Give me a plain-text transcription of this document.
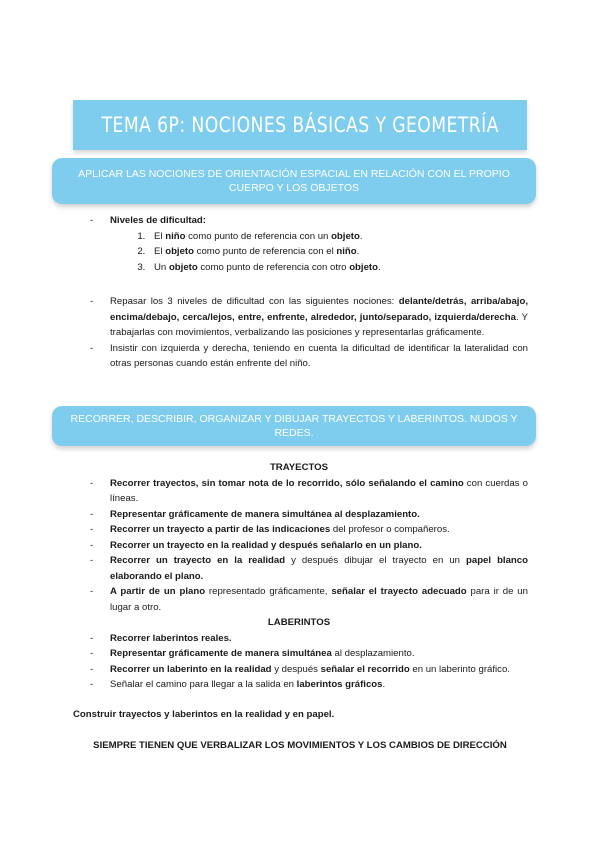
TEMA 6P: NOCIONES BÁSICAS Y GEOMETRÍA
APLICAR LAS NOCIONES DE ORIENTACIÓN ESPACIAL EN RELACIÓN CON EL PROPIO CUERPO Y LOS OBJETOS
- Niveles de dificultad:
1. El niño como punto de referencia con un objeto.
2. El objeto como punto de referencia con el niño.
3. Un objeto como punto de referencia con otro objeto.
- Repasar los 3 niveles de dificultad con las siguientes nociones: delante/detrás, arriba/abajo, encima/debajo, cerca/lejos, entre, enfrente, alrededor, junto/separado, izquierda/derecha. Y trabajarlas con movimientos, verbalizando las posiciones y representarlas gráficamente.
- Insistir con izquierda y derecha, teniendo en cuenta la dificultad de identificar la lateralidad con otras personas cuando están enfrente del niño.
RECORRER, DESCRIBIR, ORGANIZAR Y DIBUJAR TRAYECTOS Y LABERINTOS. NUDOS Y REDES.
TRAYECTOS
- Recorrer trayectos, sin tomar nota de lo recorrido, sólo señalando el camino con cuerdas o líneas.
- Representar gráficamente de manera simultánea al desplazamiento.
- Recorrer un trayecto a partir de las indicaciones del profesor o compañeros.
- Recorrer un trayecto en la realidad y después señalarlo en un plano.
- Recorrer un trayecto en la realidad y después dibujar el trayecto en un papel blanco elaborando el plano.
- A partir de un plano representado gráficamente, señalar el trayecto adecuado para ir de un lugar a otro.
LABERINTOS
- Recorrer laberintos reales.
- Representar gráficamente de manera simultánea al desplazamiento.
- Recorrer un laberinto en la realidad y después señalar el recorrido en un laberinto gráfico.
- Señalar el camino para llegar a la salida en laberintos gráficos.
Construir trayectos y laberintos en la realidad y en papel.
SIEMPRE TIENEN QUE VERBALIZAR LOS MOVIMIENTOS Y LOS CAMBIOS DE DIRECCIÓN
